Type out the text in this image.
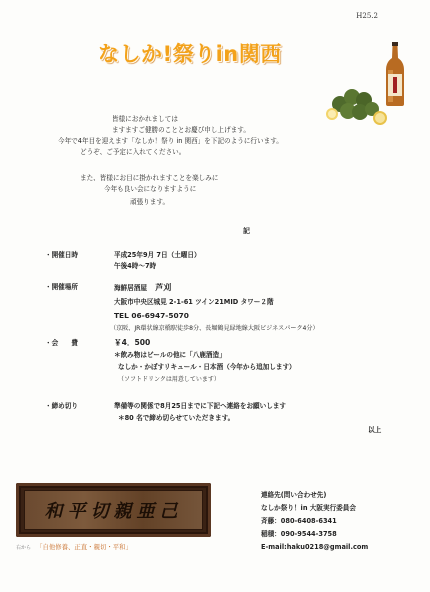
H25.2
なしか!祭りin関西
皆様におかれましては
ますますご健勝のこととお慶び申し上げます。
今年で4年目を迎えます「なしか！祭り in 関西」を下記のように行います。
どうぞ、ご予定に入れてください。
また、皆様にお目に掛かれますことを楽しみに
今年も良い会になりますように
頑張ります。
記
・開催日時	平成25年9月 7日（土曜日）
午後4時～7時
・開催場所	海鮮居酒屋 芦刈
大阪市中央区城見 2-1-61 ツイン21MID タワー２階
TEL 06-6947-5070
（京阪、JR環状線京橋駅徒歩8分、長堀鶴見緑地線大阪ビジネスパーク4分）
・会　　費	￥4．500
＊飲み物はビールの他に「八鹿酒造」
なしか・かぼすリキュール・日本酒（今年から追加します）
（ソフトドリンクは用意しています）
・締め切り	準備等の関係で8月25日までに下記へ連絡をお願いします
＊80 名で締め切らせていただきます。
以上
和平切親亜己
右から 「自他修養、正直・親切・平和」
連絡先(問い合わせ先)
なしか祭り！in 大阪実行委員会
斉藤：080-6408-6341
稲積：090-9544-3758
E-mail:haku0218@gmail.com
